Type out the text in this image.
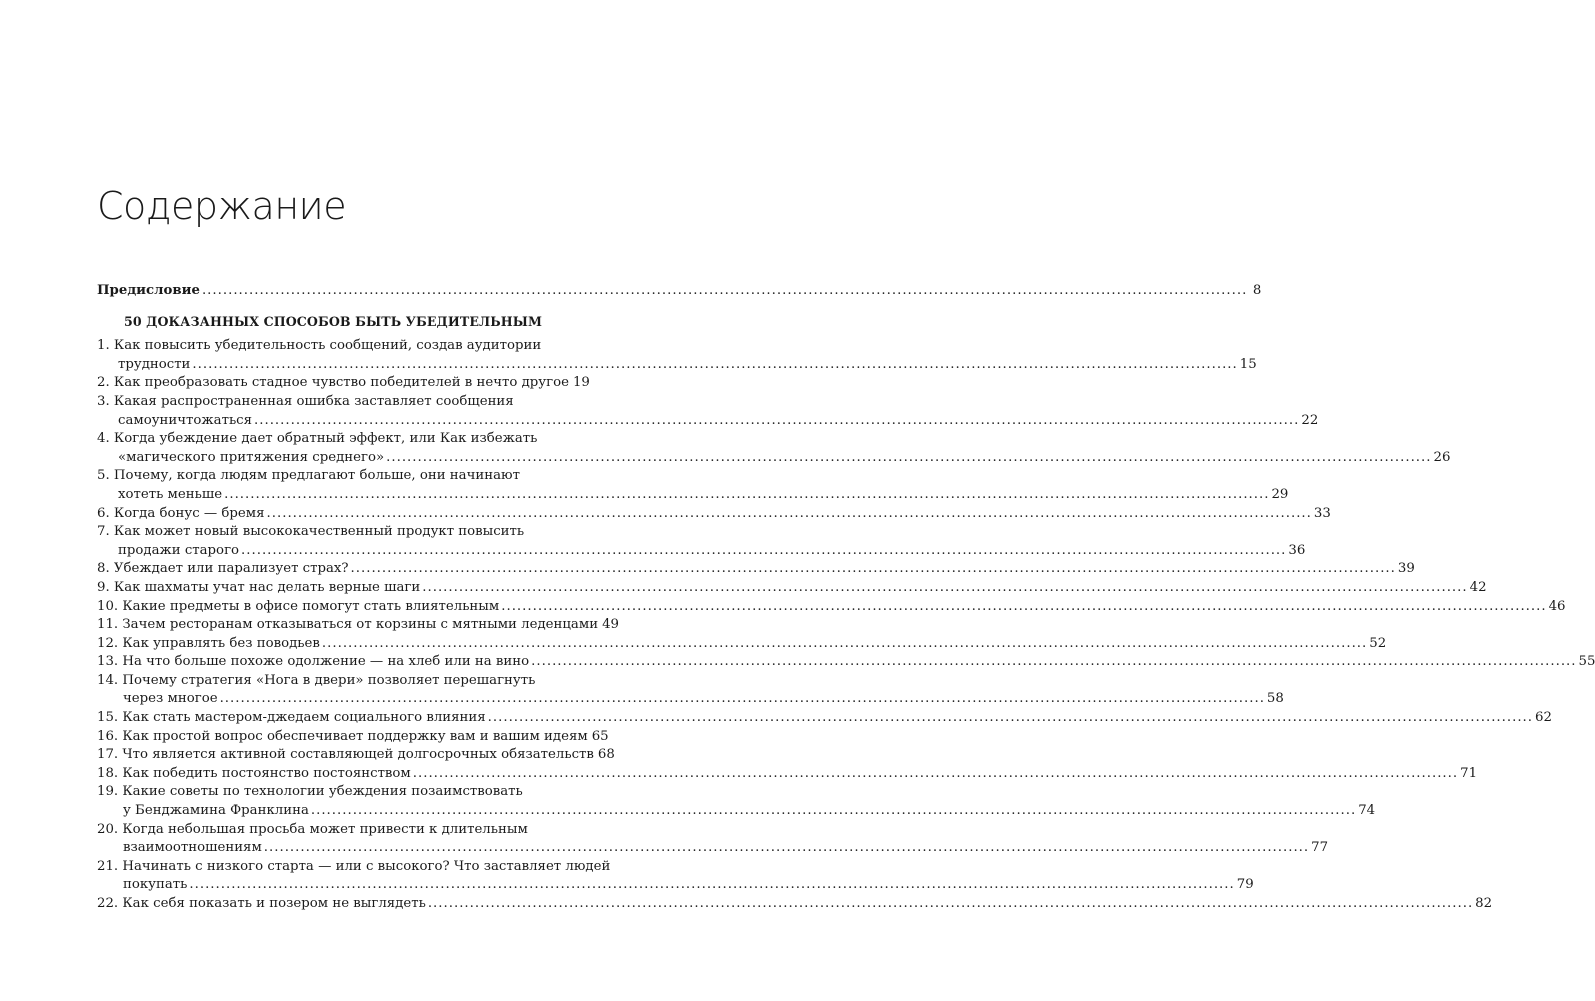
Содержание
Предисловие ........................................................................................................................................................................................................ 8
50 ДОКАЗАННЫХ СПОСОБОВ БЫТЬ УБЕДИТЕЛЬНЫМ
1. Как повысить убедительность сообщений, создав аудитории
трудности ........................................................................................................................................................................................................ 15
2. Как преобразовать стадное чувство победителей в нечто другое 19
3. Какая распространенная ошибка заставляет сообщения
самоуничтожаться ........................................................................................................................................................................................................ 22
4. Когда убеждение дает обратный эффект, или Как избежать
«магического притяжения среднего» ........................................................................................................................................................................................................ 26
5. Почему, когда людям предлагают больше, они начинают
хотеть меньше ........................................................................................................................................................................................................ 29
6. Когда бонус — бремя ........................................................................................................................................................................................................ 33
7. Как может новый высококачественный продукт повысить
продажи старого ........................................................................................................................................................................................................ 36
8. Убеждает или парализует страх? ........................................................................................................................................................................................................ 39
9. Как шахматы учат нас делать верные шаги ........................................................................................................................................................................................................ 42
10. Какие предметы в офисе помогут стать влиятельным ........................................................................................................................................................................................................ 46
11. Зачем ресторанам отказываться от корзины с мятными леденцами 49
12. Как управлять без поводьев ........................................................................................................................................................................................................ 52
13. На что больше похоже одолжение — на хлеб или на вино ........................................................................................................................................................................................................ 55
14. Почему стратегия «Нога в двери» позволяет перешагнуть
через многое ........................................................................................................................................................................................................ 58
15. Как стать мастером-джедаем социального влияния ........................................................................................................................................................................................................ 62
16. Как простой вопрос обеспечивает поддержку вам и вашим идеям 65
17. Что является активной составляющей долгосрочных обязательств 68
18. Как победить постоянство постоянством ........................................................................................................................................................................................................ 71
19. Какие советы по технологии убеждения позаимствовать
у Бенджамина Франклина ........................................................................................................................................................................................................ 74
20. Когда небольшая просьба может привести к длительным
взаимоотношениям ........................................................................................................................................................................................................ 77
21. Начинать с низкого старта — или с высокого? Что заставляет людей
покупать ........................................................................................................................................................................................................ 79
22. Как себя показать и позером не выглядеть ........................................................................................................................................................................................................ 82
